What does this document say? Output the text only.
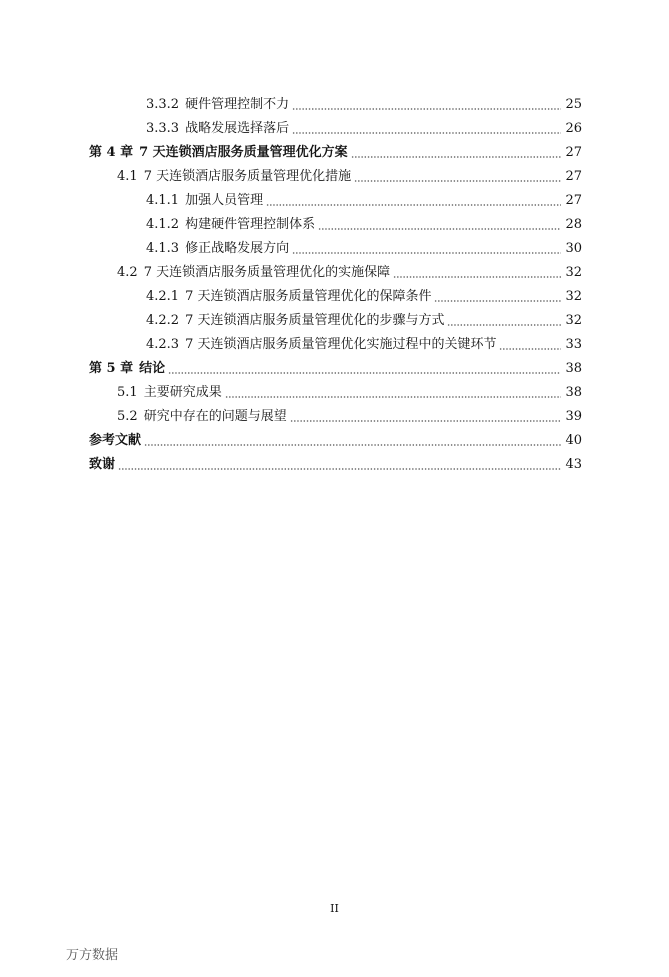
3.3.2 硬件管理控制不力	25
3.3.3 战略发展选择落后	26
第 4 章 7 天连锁酒店服务质量管理优化方案	27
4.1 7 天连锁酒店服务质量管理优化措施	27
4.1.1 加强人员管理	27
4.1.2 构建硬件管理控制体系	28
4.1.3 修正战略发展方向	30
4.2 7 天连锁酒店服务质量管理优化的实施保障	32
4.2.1 7 天连锁酒店服务质量管理优化的保障条件	32
4.2.2 7 天连锁酒店服务质量管理优化的步骤与方式	32
4.2.3 7 天连锁酒店服务质量管理优化实施过程中的关键环节	33
第 5 章 结论	38
5.1 主要研究成果	38
5.2 研究中存在的问题与展望	39
参考文献	40
致谢	43
II
万方数据
